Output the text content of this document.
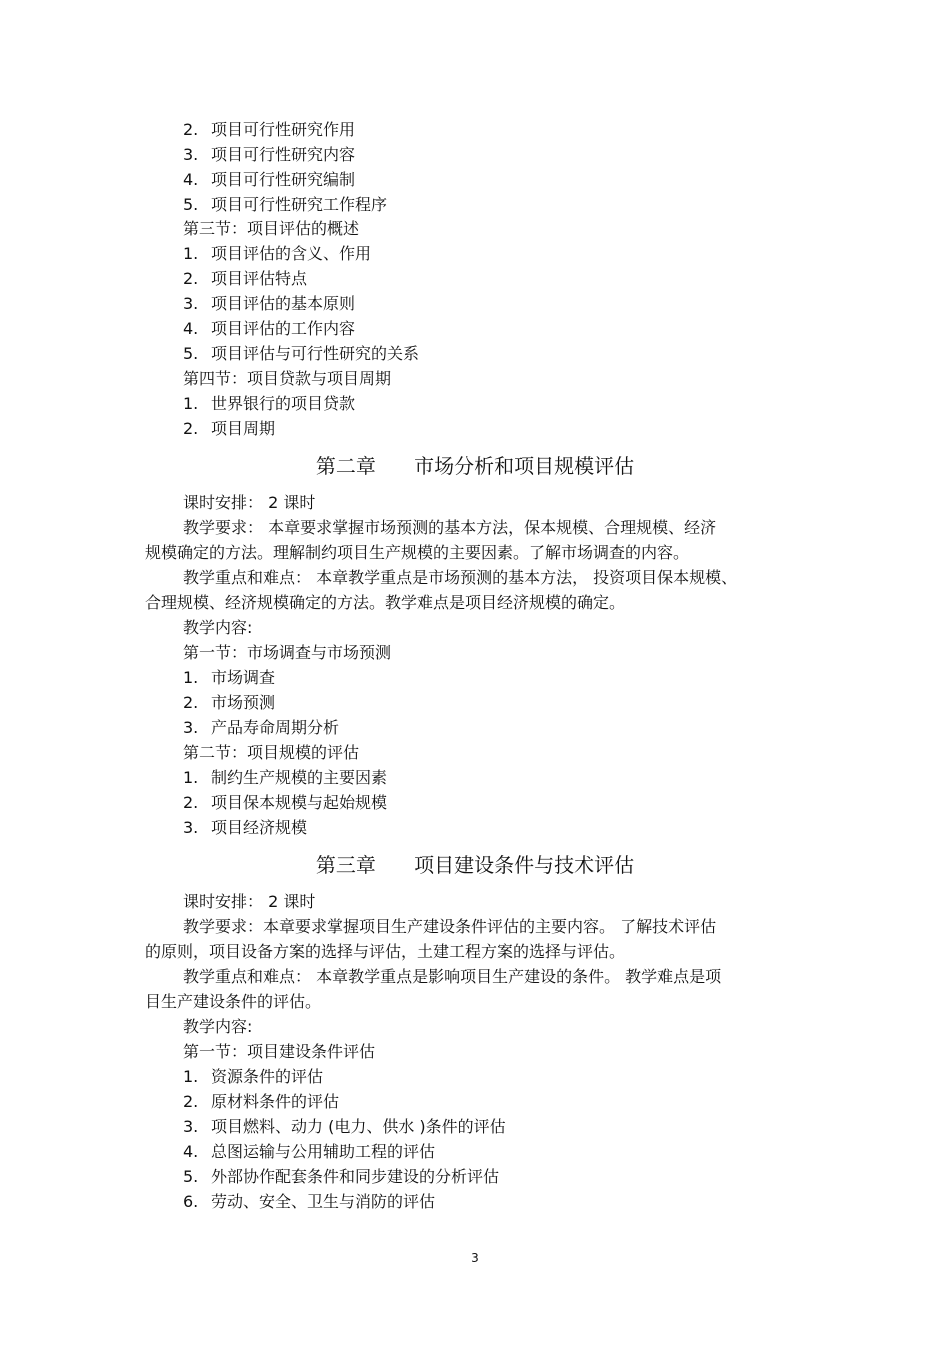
2. 项目可行性研究作用
3. 项目可行性研究内容
4. 项目可行性研究编制
5. 项目可行性研究工作程序
第三节：项目评估的概述
1. 项目评估的含义、作用
2. 项目评估特点
3. 项目评估的基本原则
4. 项目评估的工作内容
5. 项目评估与可行性研究的关系
第四节：项目贷款与项目周期
1. 世界银行的项目贷款
2. 项目周期
第二章      市场分析和项目规模评估
课时安排： 2 课时
教学要求： 本章要求掌握市场预测的基本方法，保本规模、合理规模、经济
规模确定的方法。理解制约项目生产规模的主要因素。了解市场调查的内容。
教学重点和难点： 本章教学重点是市场预测的基本方法， 投资项目保本规模、
合理规模、经济规模确定的方法。教学难点是项目经济规模的确定。
教学内容:
第一节：市场调查与市场预测
1. 市场调查
2. 市场预测
3. 产品寿命周期分析
第二节：项目规模的评估
1. 制约生产规模的主要因素
2. 项目保本规模与起始规模
3. 项目经济规模
第三章      项目建设条件与技术评估
课时安排： 2 课时
教学要求：本章要求掌握项目生产建设条件评估的主要内容。 了解技术评估
的原则，项目设备方案的选择与评估，土建工程方案的选择与评估。
教学重点和难点： 本章教学重点是影响项目生产建设的条件。 教学难点是项
目生产建设条件的评估。
教学内容:
第一节：项目建设条件评估
1. 资源条件的评估
2. 原材料条件的评估
3. 项目燃料、动力 (电力、供水 )条件的评估
4. 总图运输与公用辅助工程的评估
5. 外部协作配套条件和同步建设的分析评估
6. 劳动、安全、卫生与消防的评估
3
